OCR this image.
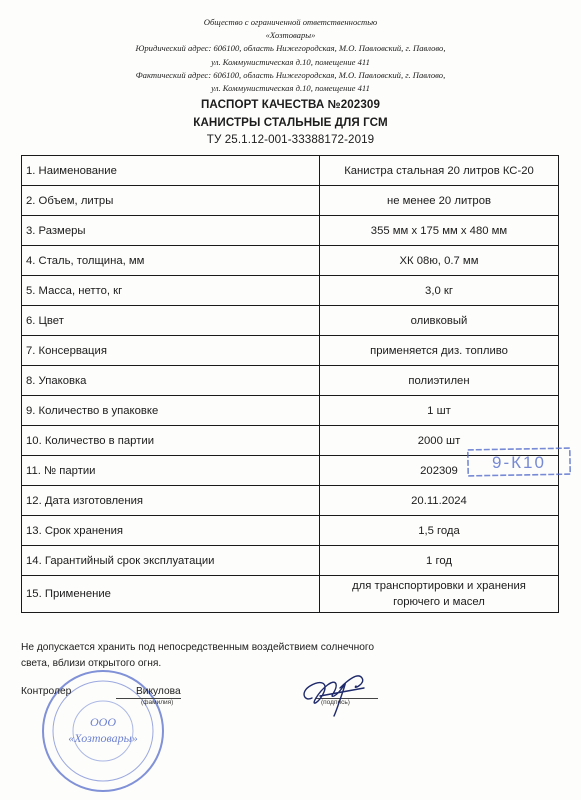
Общество с ограниченной ответственностью
«Хозтовары»
Юридический адрес: 606100, область Нижегородская, М.О. Павловский, г. Павлово,
ул. Коммунистическая д.10, помещение 411
Фактический адрес: 606100, область Нижегородская, М.О. Павловский, г. Павлово,
ул. Коммунистическая д.10, помещение 411
ПАСПОРТ КАЧЕСТВА №202309
КАНИСТРЫ СТАЛЬНЫЕ ДЛЯ ГСМ
ТУ 25.1.12-001-33388172-2019
1. Наименование	Канистра стальная 20 литров КС-20
2. Объем, литры	не менее 20 литров
3. Размеры	355 мм х 175 мм х 480 мм
4. Сталь, толщина, мм	ХК 08ю, 0.7 мм
5. Масса, нетто, кг	3,0 кг
6. Цвет	оливковый
7. Консервация	применяется диз. топливо
8. Упаковка	полиэтилен
9. Количество в упаковке	1 шт
10. Количество в партии	2000 шт
11. № партии	202309
12. Дата изготовления	20.11.2024
13. Срок хранения	1,5 года
14. Гарантийный срок эксплуатации	1 год
15. Применение	для транспортировки и хранения
горючего и масел
9-К10
Не допускается хранить под непосредственным воздействием солнечного
света, вблизи открытого огня.
ООО
«Хозтовары»
Контролер	Викулова
(фамилия)	(подпись)
